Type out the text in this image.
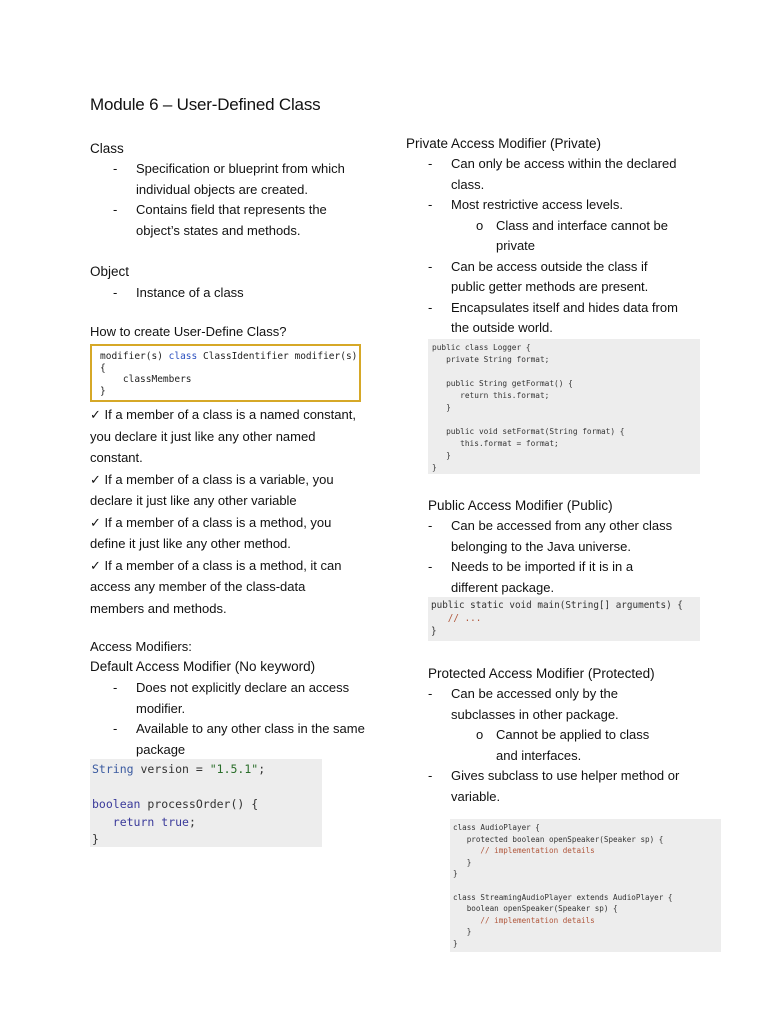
Module 6 – User-Defined Class
Class
- Specification or blueprint from which individual objects are created.
- Contains field that represents the object’s states and methods.
Object
- Instance of a class
How to create User-Define Class?
modifier(s) class ClassIdentifier modifier(s)
{
classMembers
}
✓ If a member of a class is a named constant, you declare it just like any other named constant.
✓ If a member of a class is a variable, you declare it just like any other variable
✓ If a member of a class is a method, you define it just like any other method.
✓ If a member of a class is a method, it can access any member of the class-data members and methods.
Access Modifiers:
Default Access Modifier (No keyword)
- Does not explicitly declare an access modifier.
- Available to any other class in the same package
String version = "1.5.1";

boolean processOrder() {
return true;
}
Private Access Modifier (Private)
- Can only be access within the declared class.
- Most restrictive access levels.
o Class and interface cannot be private
- Can be access outside the class if public getter methods are present.
- Encapsulates itself and hides data from the outside world.
public class Logger {
private String format;

public String getFormat() {
return this.format;
}

public void setFormat(String format) {
this.format = format;
}
}
Public Access Modifier (Public)
- Can be accessed from any other class belonging to the Java universe.
- Needs to be imported if it is in a different package.
public static void main(String[] arguments) {
// ...
}
Protected Access Modifier (Protected)
- Can be accessed only by the subclasses in other package.
o Cannot be applied to class and interfaces.
- Gives subclass to use helper method or variable.
class AudioPlayer {
protected boolean openSpeaker(Speaker sp) {
// implementation details
}
}

class StreamingAudioPlayer extends AudioPlayer {
boolean openSpeaker(Speaker sp) {
// implementation details
}
}
